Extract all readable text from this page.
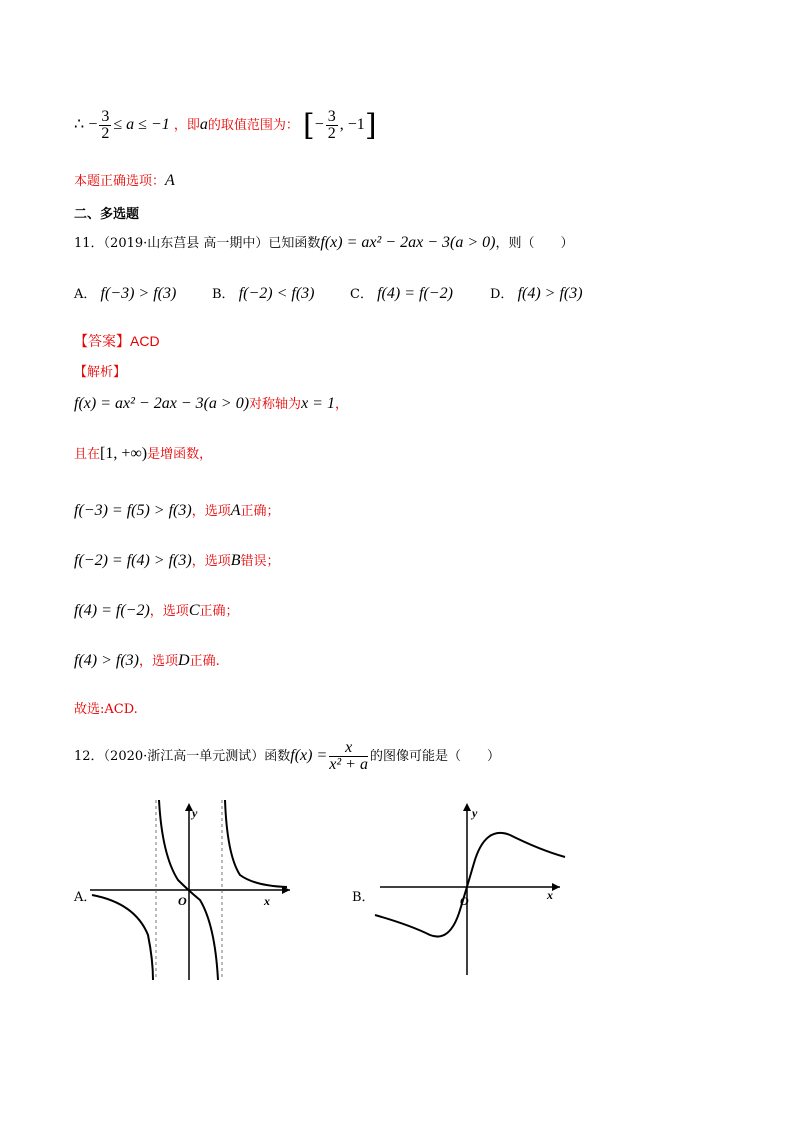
∴ − $\frac{3}{2} \le a \le -1$ ，即a的取值范围为： [− $\frac{3}{2}$ , −1]
本题正确选项：A
二、多选题
11．（2019·山东莒县 高一期中）已知函数f(x) = ax² − 2ax − 3(a > 0)，则（　　）
A． f(−3) > f(3)	B． f(−2) < f(3)	C． f(4) = f(−2)	D． f(4) > f(3)
【答案】ACD
【解析】
f(x) = ax² − 2ax − 3(a > 0)对称轴为x = 1，
且在[1, +∞)是增函数，
f(−3) = f(5) > f(3)，选项A正确；
f(−2) = f(4) > f(3)，选项B错误；
f(4) = f(−2)，选项C正确；
f(4) > f(3)，选项D正确.
故选:ACD.
12．（2020·浙江高一单元测试）函数$f(x) = \frac{x}{\text{x² + a}}$ 的图像可能是（　　）
A．
y
x
O	B．
y
x
O
